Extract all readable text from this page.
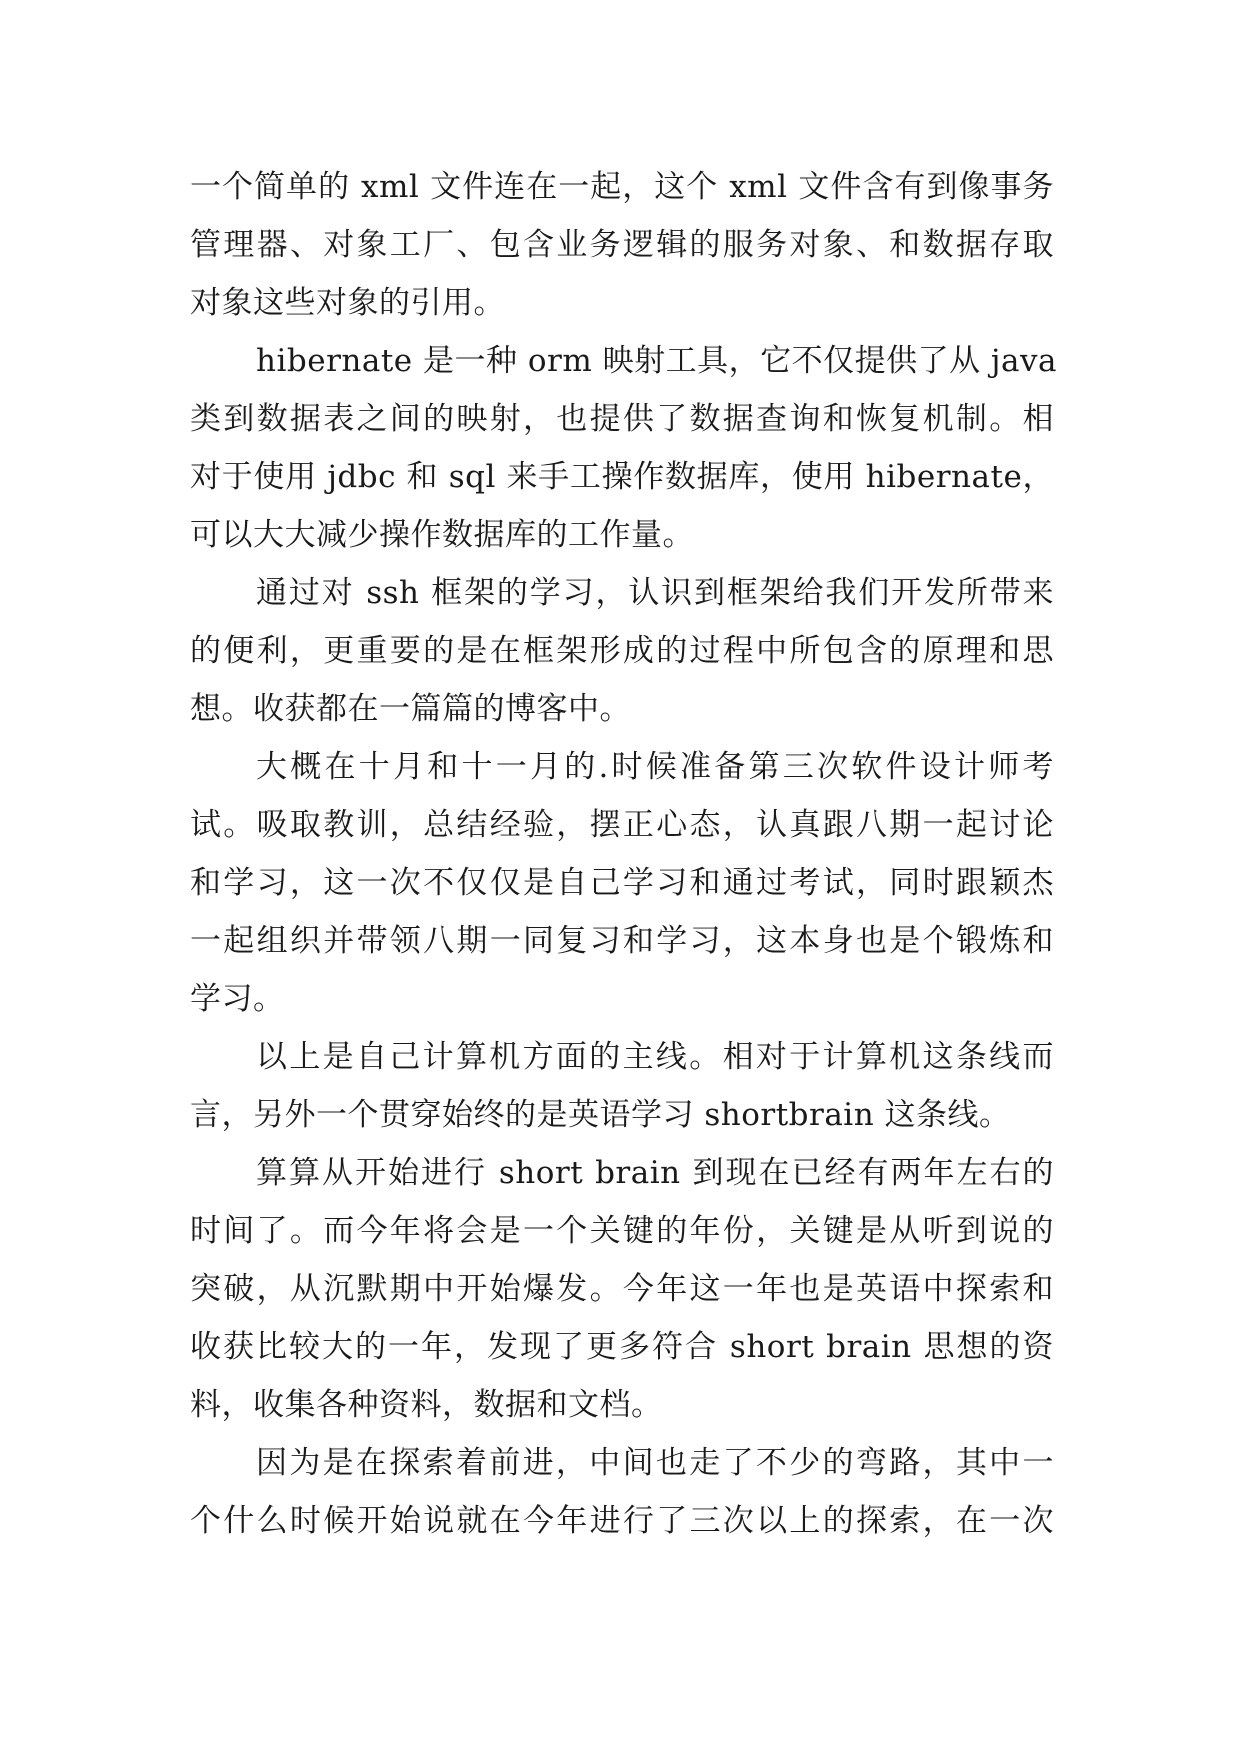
一个简单的 xml 文件连在一起，这个 xml 文件含有到像事务
管理器、对象工厂、包含业务逻辑的服务对象、和数据存取
对象这些对象的引用。
hibernate 是一种 orm 映射工具，它不仅提供了从 java
类到数据表之间的映射，也提供了数据查询和恢复机制。相
对于使用 jdbc 和 sql 来手工操作数据库，使用 hibernate，
可以大大减少操作数据库的工作量。
通过对 ssh 框架的学习，认识到框架给我们开发所带来
的便利，更重要的是在框架形成的过程中所包含的原理和思
想。收获都在一篇篇的博客中。
大概在十月和十一月的.时候准备第三次软件设计师考
试。吸取教训，总结经验，摆正心态，认真跟八期一起讨论
和学习，这一次不仅仅是自己学习和通过考试，同时跟颖杰
一起组织并带领八期一同复习和学习，这本身也是个锻炼和
学习。
以上是自己计算机方面的主线。相对于计算机这条线而
言，另外一个贯穿始终的是英语学习 shortbrain 这条线。
算算从开始进行 short brain 到现在已经有两年左右的
时间了。而今年将会是一个关键的年份，关键是从听到说的
突破，从沉默期中开始爆发。今年这一年也是英语中探索和
收获比较大的一年，发现了更多符合 short brain 思想的资
料，收集各种资料，数据和文档。
因为是在探索着前进，中间也走了不少的弯路，其中一
个什么时候开始说就在今年进行了三次以上的探索，在一次
